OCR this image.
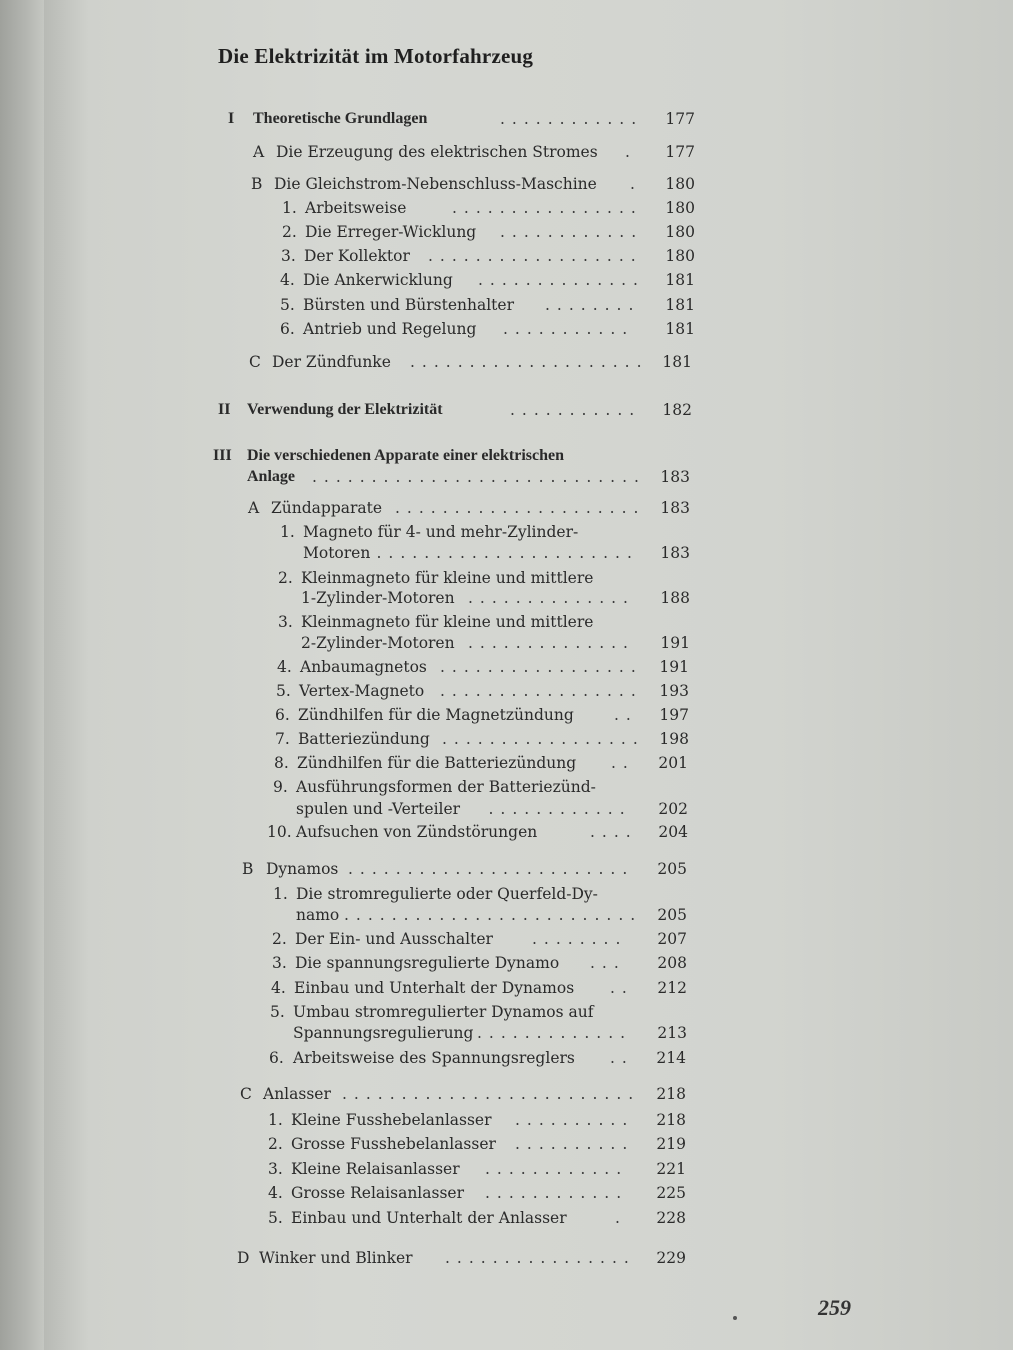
Die Elektrizität im Motorfahrzeug
I Theoretische Grundlagen	............	177
A Die Erzeugung des elektrischen Stromes .	177
B Die Gleichstrom-Nebenschluss-Maschine .	180
1. Arbeitsweise	................	180
2. Die Erreger-Wicklung ............	180
3. Der Kollektor ..................	180
4. Die Ankerwicklung ..............	181
5. Bürsten und Bürstenhalter ........	181
6. Antrieb und Regelung ...........	181
C Der Zündfunke .................... 181
II Verwendung der Elektrizität	...........	182
III Die verschiedenen Apparate einer elektrischen
Anlage ............................ 183
A Zündapparate ..................... 183
1. Magneto für 4- und mehr-Zylinder-
Motoren ......................	183
2. Kleinmagneto für kleine und mittlere
1-Zylinder-Motoren ..............	188
3. Kleinmagneto für kleine und mittlere
2-Zylinder-Motoren ..............	191
4. Anbaumagnetos .................	191
5. Vertex-Magneto .................	193
6. Zündhilfen für die Magnetzündung	..	197
7. Batteriezündung ................. 198
8. Zündhilfen für die Batteriezündung ..	201
9. Ausführungsformen der Batteriezünd-
spulen und -Verteiler ............	202
10. Aufsuchen von Zündstörungen	....	204
B Dynamos ........................	205
1. Die stromregulierte oder Querfeld-Dy-
namo ......................... 205
2. Der Ein- und Ausschalter	........	207
3. Die spannungsregulierte Dynamo ...	208
4. Einbau und Unterhalt der Dynamos ..	212
5. Umbau stromregulierter Dynamos auf
Spannungsregulierung .............	213
6. Arbeitsweise des Spannungsreglers ..	214
C Anlasser .........................	218
1. Kleine Fusshebelanlasser ..........	218
2. Grosse Fusshebelanlasser ..........	219
3. Kleine Relaisanlasser ............	221
4. Grosse Relaisanlasser ............	225
5. Einbau und Unterhalt der Anlasser	.	228
D Winker und Blinker ................	229
259
